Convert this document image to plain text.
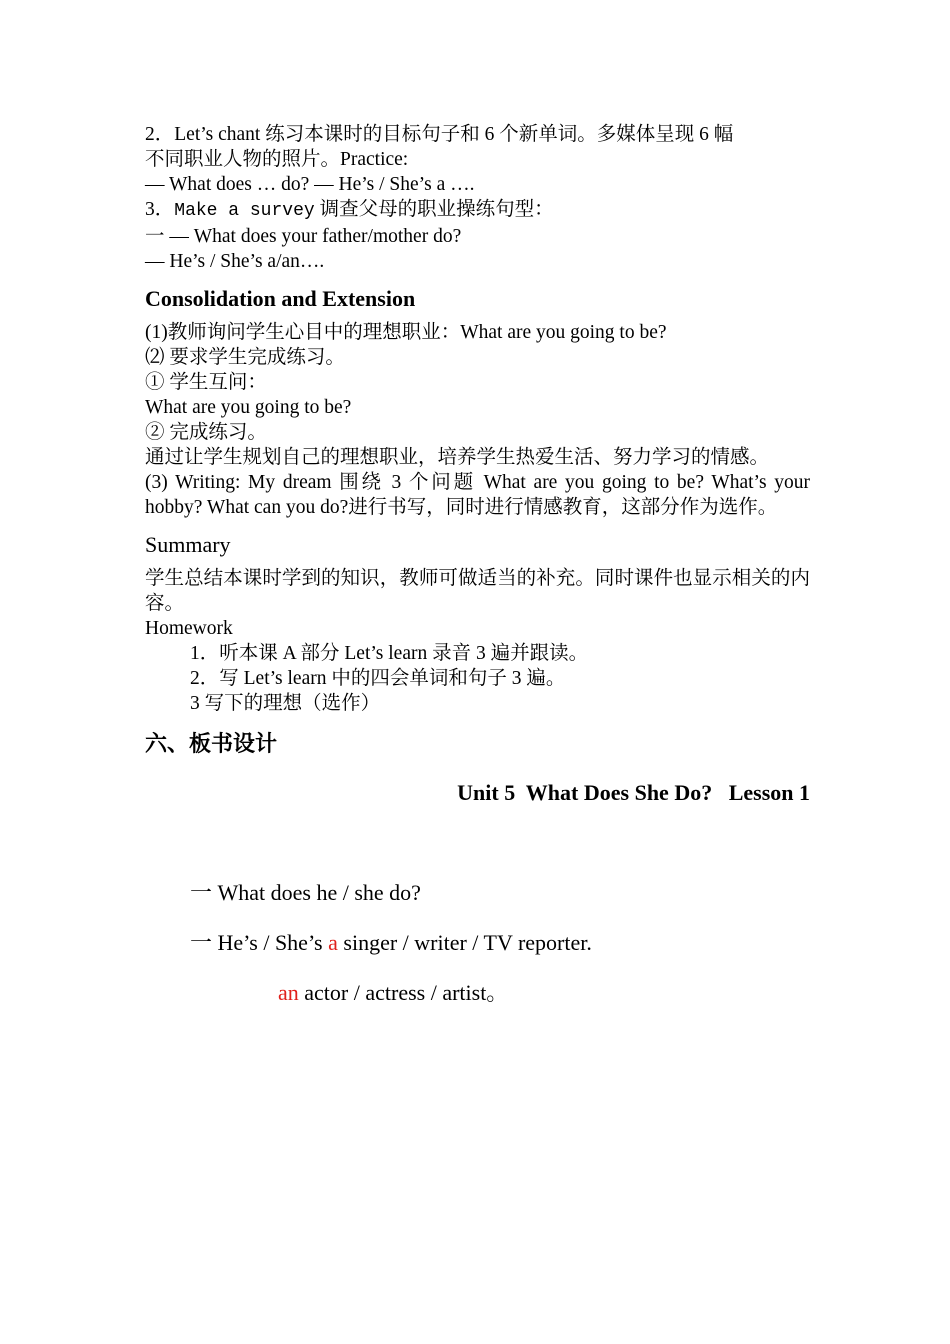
2．Let’s chant 练习本课时的目标句子和 6 个新单词。多媒体呈现 6 幅
不同职业人物的照片。Practice:
— What does … do? — He’s / She’s a ….
3．Make a survey 调查父母的职业操练句型：
一 — What does your father/mother do?
— He’s / She’s a/an….
Consolidation and Extension
(1)教师询问学生心目中的理想职业：What are you going to be?
⑵ 要求学生完成练习。
① 学生互问：
What are you going to be?
② 完成练习。
通过让学生规划自己的理想职业，培养学生热爱生活、努力学习的情感。
(3) Writing: My dream 围绕 3 个问题 What are you going to be? What’s your hobby? What can you do?进行书写，同时进行情感教育，这部分作为选作。
Summary
学生总结本课时学到的知识，教师可做适当的补充。同时课件也显示相关的内容。
Homework
1．听本课 A 部分 Let’s learn 录音 3 遍并跟读。
2．写 Let’s learn 中的四会单词和句子 3 遍。
3 写下的理想（选作）
六、板书设计
Unit 5  What Does She Do?   Lesson 1
一 What does he / she do?
一 He’s / She’s a singer / writer / TV reporter.
an actor / actress / artist。
